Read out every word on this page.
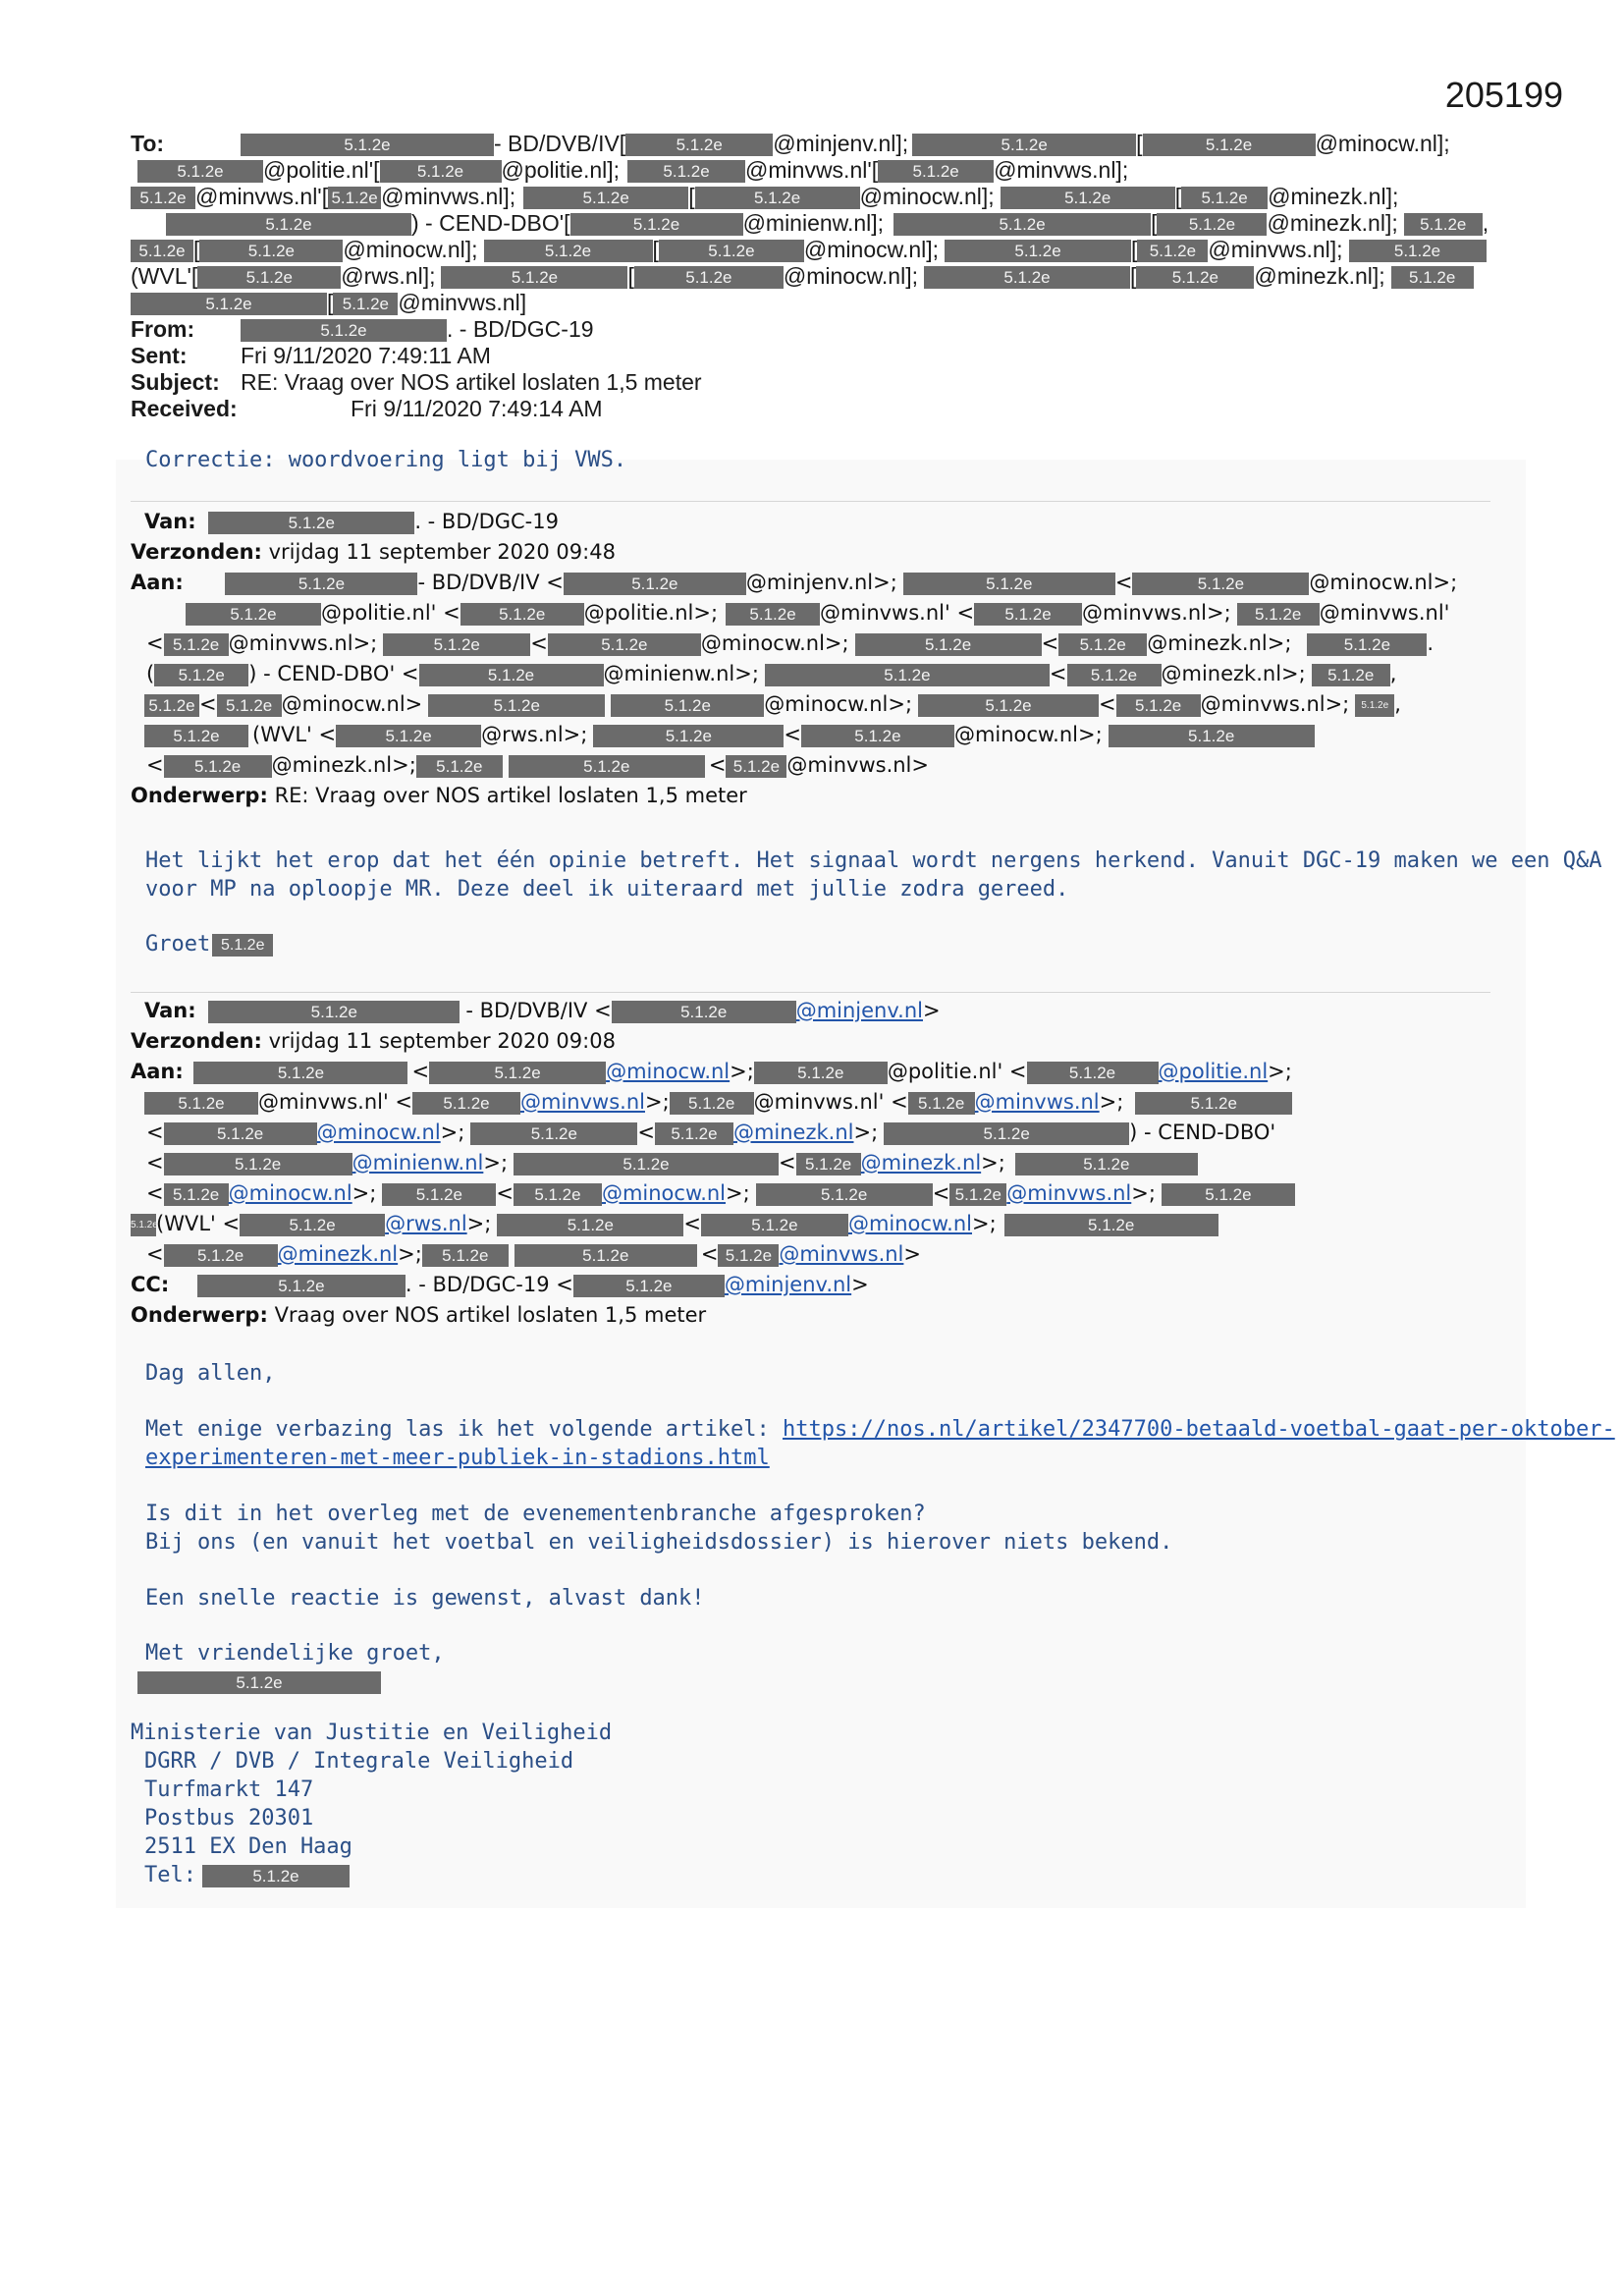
205199
To:	5.1.2e	- BD/DVB/IV[	5.1.2e @minjenv.nl];	5.1.2e	[	5.1.2e	@minocw.nl];
5.1.2e @politie.nl'[ 5.1.2e @politie.nl];	5.1.2e @minvws.nl'[ 5.1.2e @minvws.nl];
5.1.2e @minvws.nl'[ 5.1.2e @minvws.nl];	5.1.2e	[	5.1.2e	@minocw.nl];	5.1.2e	[ 5.1.2e @minezk.nl];
5.1.2e	) - CEND-DBO'[	5.1.2e	@minienw.nl];	5.1.2e	[ 5.1.2e @minezk.nl]; 5.1.2e ,
5.1.2e [	5.1.2e @minocw.nl];	5.1.2e	[	5.1.2e @minocw.nl];	5.1.2e	[ 5.1.2e @minvws.nl];	5.1.2e
(WVL'[	5.1.2e @rws.nl];	5.1.2e	[	5.1.2e @minocw.nl];	5.1.2e	[ 5.1.2e @minezk.nl]; 5.1.2e
5.1.2e	[ 5.1.2e @minvws.nl]
From:	5.1.2e	. - BD/DGC-19
Sent: Fri 9/11/2020 7:49:11 AM
Subject: RE: Vraag over NOS artikel loslaten 1,5 meter
Received:	Fri 9/11/2020 7:49:14 AM
Correctie: woordvoering ligt bij VWS.
Van:	5.1.2e	. - BD/DGC-19
Verzonden: vrijdag 11 september 2020 09:48
Aan:	5.1.2e	- BD/DVB/IV <	5.1.2e	@minjenv.nl>;	5.1.2e	<	5.1.2e	@minocw.nl>;
5.1.2e @politie.nl' < 5.1.2e @politie.nl>; 5.1.2e @minvws.nl' < 5.1.2e @minvws.nl>; 5.1.2e @minvws.nl'
< 5.1.2e @minvws.nl>;	5.1.2e <	5.1.2e	@minocw.nl>;	5.1.2e	< 5.1.2e @minezk.nl>;	5.1.2e .
( 5.1.2e ) - CEND-DBO' <	5.1.2e	@minienw.nl>;	5.1.2e	< 5.1.2e @minezk.nl>; 5.1.2e ,
5.1.2e < 5.1.2e @minocw.nl>	5.1.2e	5.1.2e	@minocw.nl>;	5.1.2e	< 5.1.2e @minvws.nl>; 5.1.2e ,
5.1.2e (WVL' <	5.1.2e @rws.nl>;	5.1.2e	<	5.1.2e	@minocw.nl>;	5.1.2e
< 5.1.2e @minezk.nl>; 5.1.2e	5.1.2e	< 5.1.2e @minvws.nl>
Onderwerp: RE: Vraag over NOS artikel loslaten 1,5 meter
Het lijkt het erop dat het één opinie betreft. Het signaal wordt nergens herkend. Vanuit DGC-19 maken we een Q&A
voor MP na oploopje MR. Deze deel ik uiteraard met jullie zodra gereed.
Groet 5.1.2e
Van:	5.1.2e	- BD/DVB/IV <	5.1.2e	@minjenv.nl>
Verzonden: vrijdag 11 september 2020 09:08
Aan:	5.1.2e	<	5.1.2e	@minocw.nl>;	5.1.2e @politie.nl' <	5.1.2e @politie.nl>;
5.1.2e @minvws.nl' < 5.1.2e @minvws.nl>; 5.1.2e @minvws.nl' < 5.1.2e @minvws.nl>;	5.1.2e
<	5.1.2e	@minocw.nl>;	5.1.2e	< 5.1.2e @minezk.nl>;	5.1.2e	) - CEND-DBO'
<	5.1.2e	@minienw.nl>;	5.1.2e	< 5.1.2e @minezk.nl>;	5.1.2e
< 5.1.2e @minocw.nl>; 5.1.2e < 5.1.2e @minocw.nl>;	5.1.2e	< 5.1.2e @minvws.nl>;	5.1.2e
5.1.2e(WVL' <	5.1.2e @rws.nl>;	5.1.2e	<	5.1.2e @minocw.nl>;	5.1.2e
< 5.1.2e @minezk.nl>; 5.1.2e	5.1.2e	< 5.1.2e @minvws.nl>
CC:	5.1.2e	. - BD/DGC-19 <	5.1.2e	@minjenv.nl>
Onderwerp: Vraag over NOS artikel loslaten 1,5 meter
Dag allen,
Met enige verbazing las ik het volgende artikel: https://nos.nl/artikel/2347700-betaald-voetbal-gaat-per-oktober-
experimenteren-met-meer-publiek-in-stadions.html
Is dit in het overleg met de evenementenbranche afgesproken?
Bij ons (en vanuit het voetbal en veiligheidsdossier) is hierover niets bekend.
Een snelle reactie is gewenst, alvast dank!
Met vriendelijke groet,
5.1.2e
Ministerie van Justitie en Veiligheid
DGRR / DVB / Integrale Veiligheid
Turfmarkt 147
Postbus 20301
2511 EX Den Haag
Tel:	5.1.2e
